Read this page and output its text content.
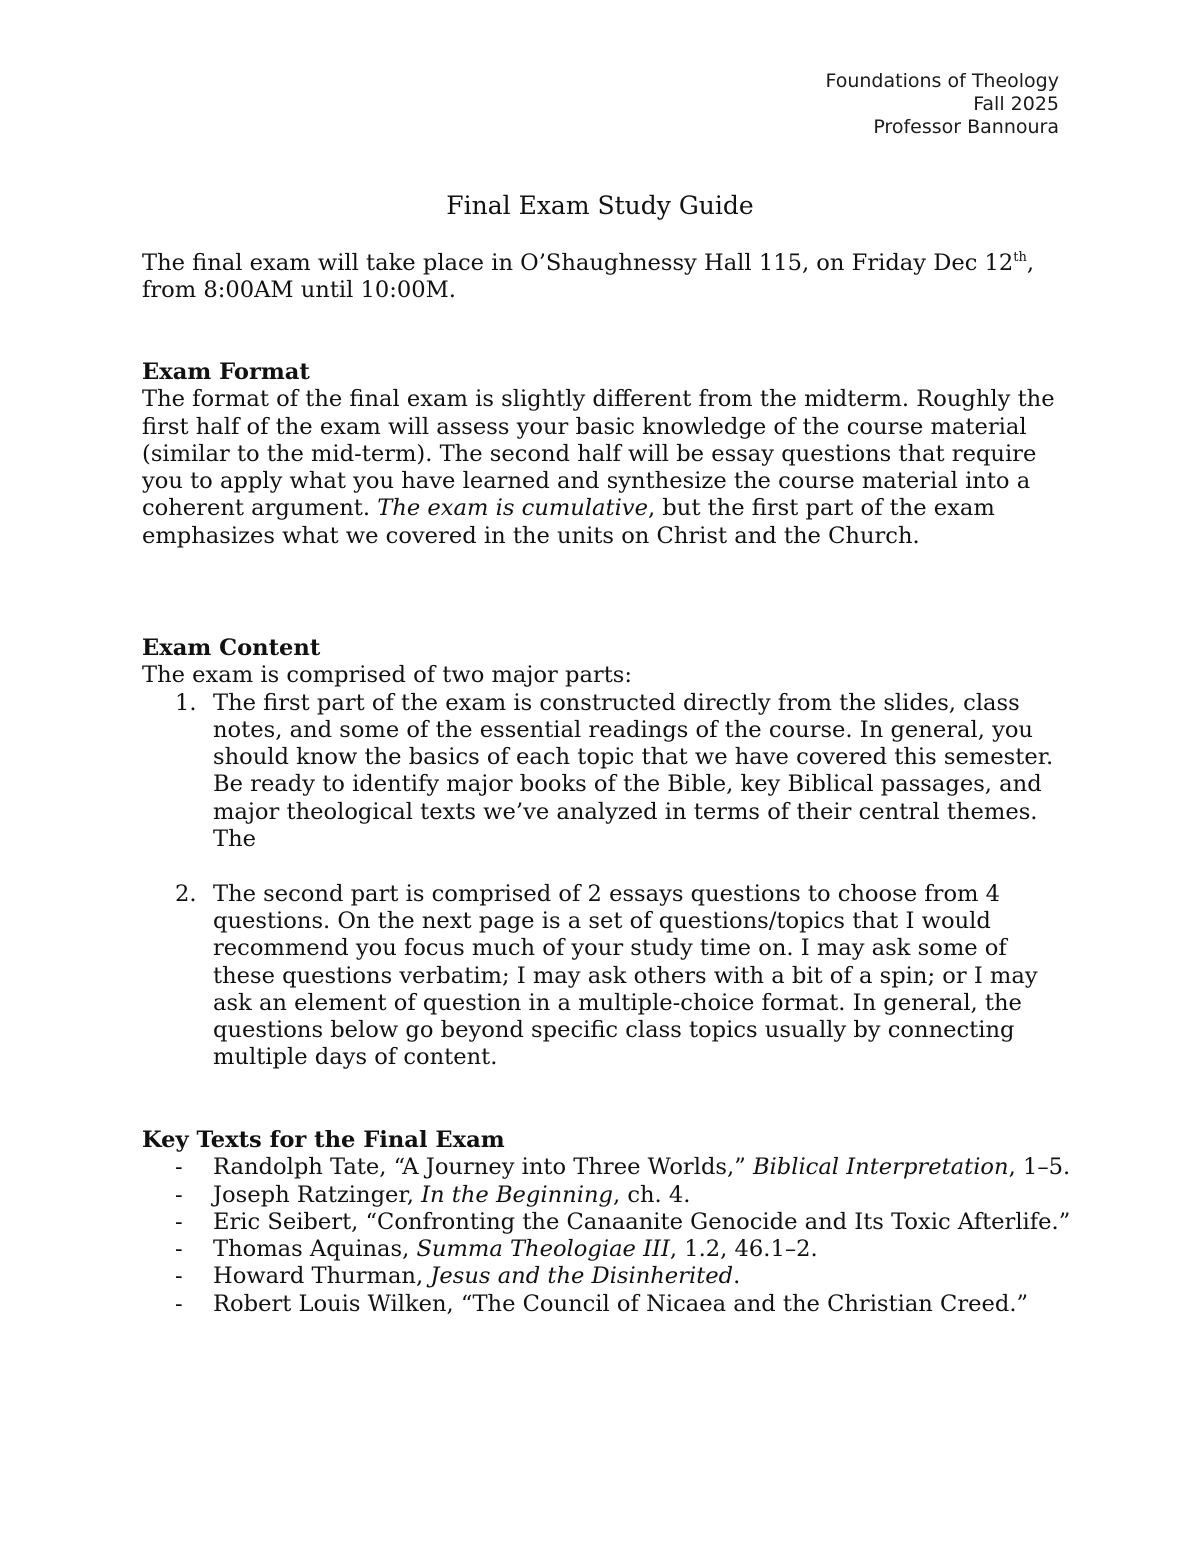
Foundations of Theology
Fall 2025
Professor Bannoura
Final Exam Study Guide

The final exam will take place in O’Shaughnessy Hall 115, on Friday Dec 12th, from 8:00AM until 10:00M.

Exam Format

The format of the final exam is slightly different from the midterm. Roughly the first half of the exam will assess your basic knowledge of the course material (similar to the mid-term). The second half will be essay questions that require you to apply what you have learned and synthesize the course material into a coherent argument. The exam is cumulative, but the first part of the exam emphasizes what we covered in the units on Christ and the Church.

Exam Content

The exam is comprised of two major parts:

1. The first part of the exam is constructed directly from the slides, class notes, and some of the essential readings of the course. In general, you should know the basics of each topic that we have covered this semester. Be ready to identify major books of the Bible, key Biblical passages, and major theological texts we’ve analyzed in terms of their central themes. The
2. The second part is comprised of 2 essays questions to choose from 4 questions. On the next page is a set of questions/topics that I would recommend you focus much of your study time on. I may ask some of these questions verbatim; I may ask others with a bit of a spin; or I may ask an element of question in a multiple-choice format. In general, the questions below go beyond specific class topics usually by connecting multiple days of content.

Key Texts for the Final Exam

- Randolph Tate, “A Journey into Three Worlds,” Biblical Interpretation, 1–5.
- Joseph Ratzinger, In the Beginning, ch. 4.
- Eric Seibert, “Confronting the Canaanite Genocide and Its Toxic Afterlife.”
- Thomas Aquinas, Summa Theologiae III, 1.2, 46.1–2.
- Howard Thurman, Jesus and the Disinherited.
- Robert Louis Wilken, “The Council of Nicaea and the Christian Creed.”
